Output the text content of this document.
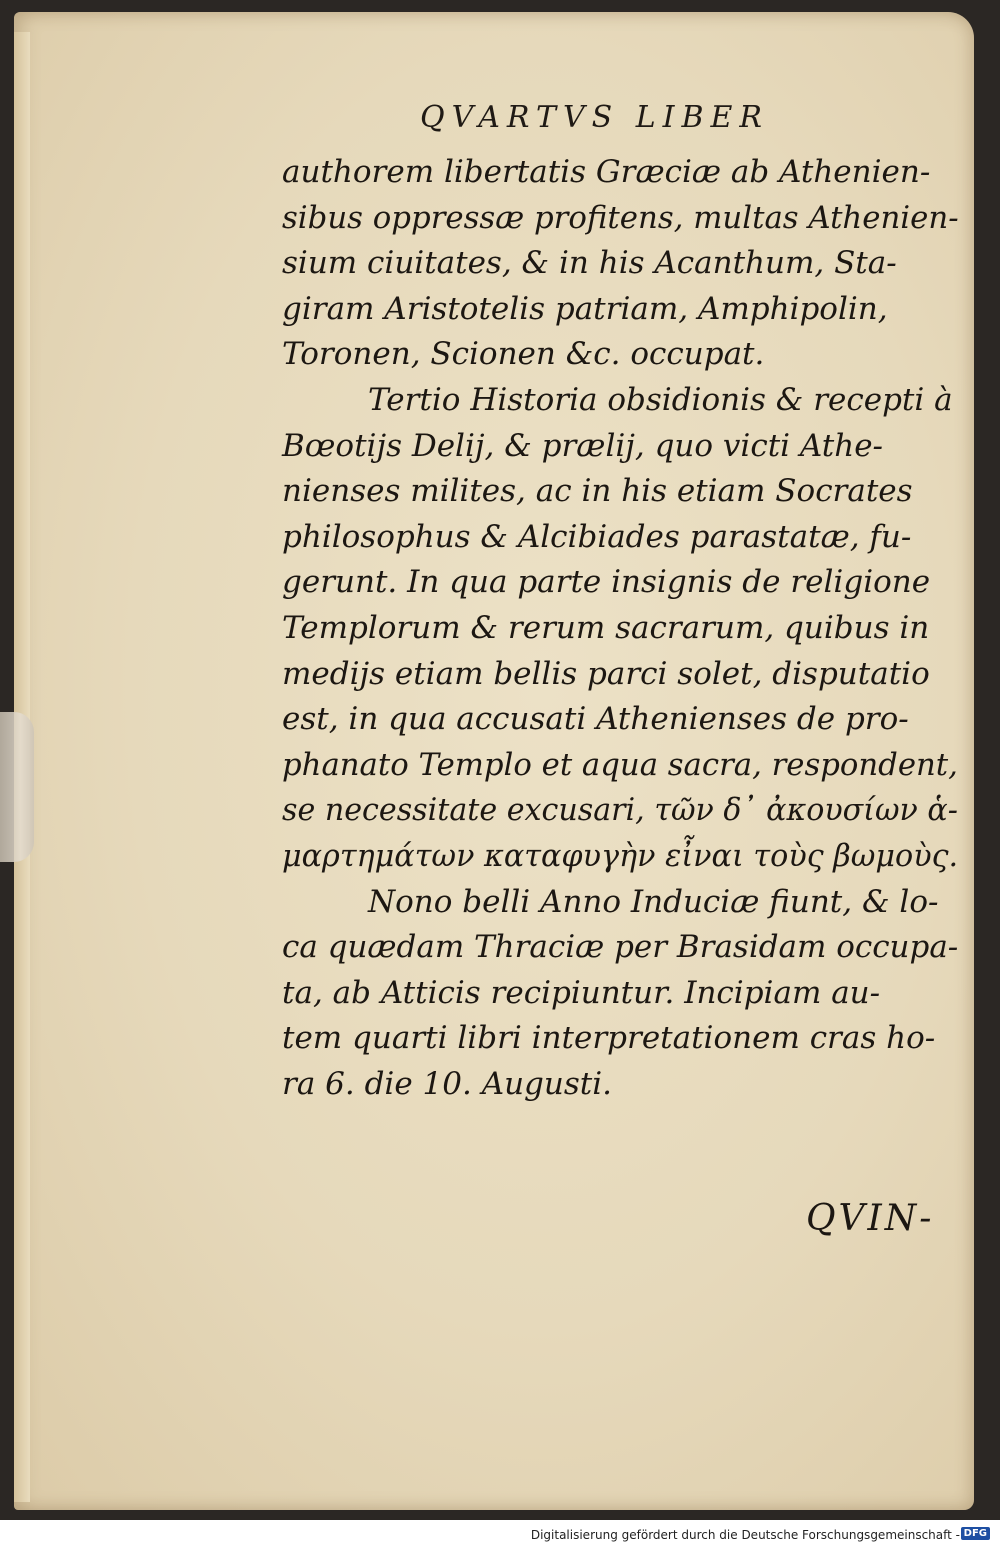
QVARTVS LIBER
authorem libertatis Græciæ ab Athenien-
sibus oppressæ profitens, multas Athenien-
sium ciuitates, & in his Acanthum, Sta-
giram Aristotelis patriam, Amphipolin,
Toronen, Scionen &c. occupat.
Tertio Historia obsidionis & recepti à
Bœotijs Delij, & prælij, quo victi Athe-
nienses milites, ac in his etiam Socrates
philosophus & Alcibiades parastatæ, fu-
gerunt. In qua parte insignis de religione
Templorum & rerum sacrarum, quibus in
medijs etiam bellis parci solet, disputatio
est, in qua accusati Athenienses de pro-
phanato Templo et aqua sacra, respondent,
se necessitate excusari, τῶν δ᾽ ἀκουσίων ἁ-
μαρτημάτων καταφυγὴν εἶναι τοὺς βωμοὺς.
Nono belli Anno Induciæ fiunt, & lo-
ca quædam Thraciæ per Brasidam occupa-
ta, ab Atticis recipiuntur. Incipiam au-
tem quarti libri interpretationem cras ho-
ra 6. die 10. Augusti.
QVIN-
Digitalisierung gefördert durch die Deutsche Forschungsgemeinschaft - DFG
